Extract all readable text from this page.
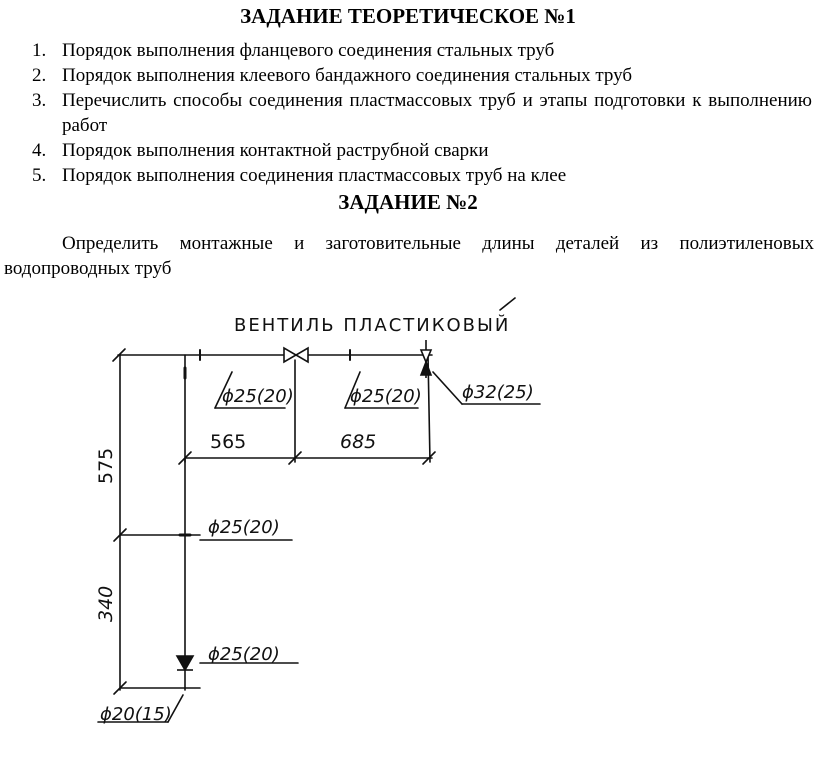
ЗАДАНИЕ ТЕОРЕТИЧЕСКОЕ №1
1. Порядок выполнения фланцевого соединения стальных труб
2. Порядок выполнения клеевого бандажного соединения стальных труб
3. Перечислить способы соединения пластмассовых труб и этапы подготовки к выполнению работ
4. Порядок выполнения контактной раструбной сварки
5. Порядок выполнения соединения пластмассовых труб на клее
ЗАДАНИЕ №2
Определить монтажные и заготовительные длины деталей из полиэтиленовых водопроводных труб
ВЕНТИЛЬ ПЛАСТИКОВЫЙ
ϕ25(20)	ϕ25(20) ϕ32(25)
ϕ25(20)
ϕ25(20)
ϕ20(15)
565	685
575
340
